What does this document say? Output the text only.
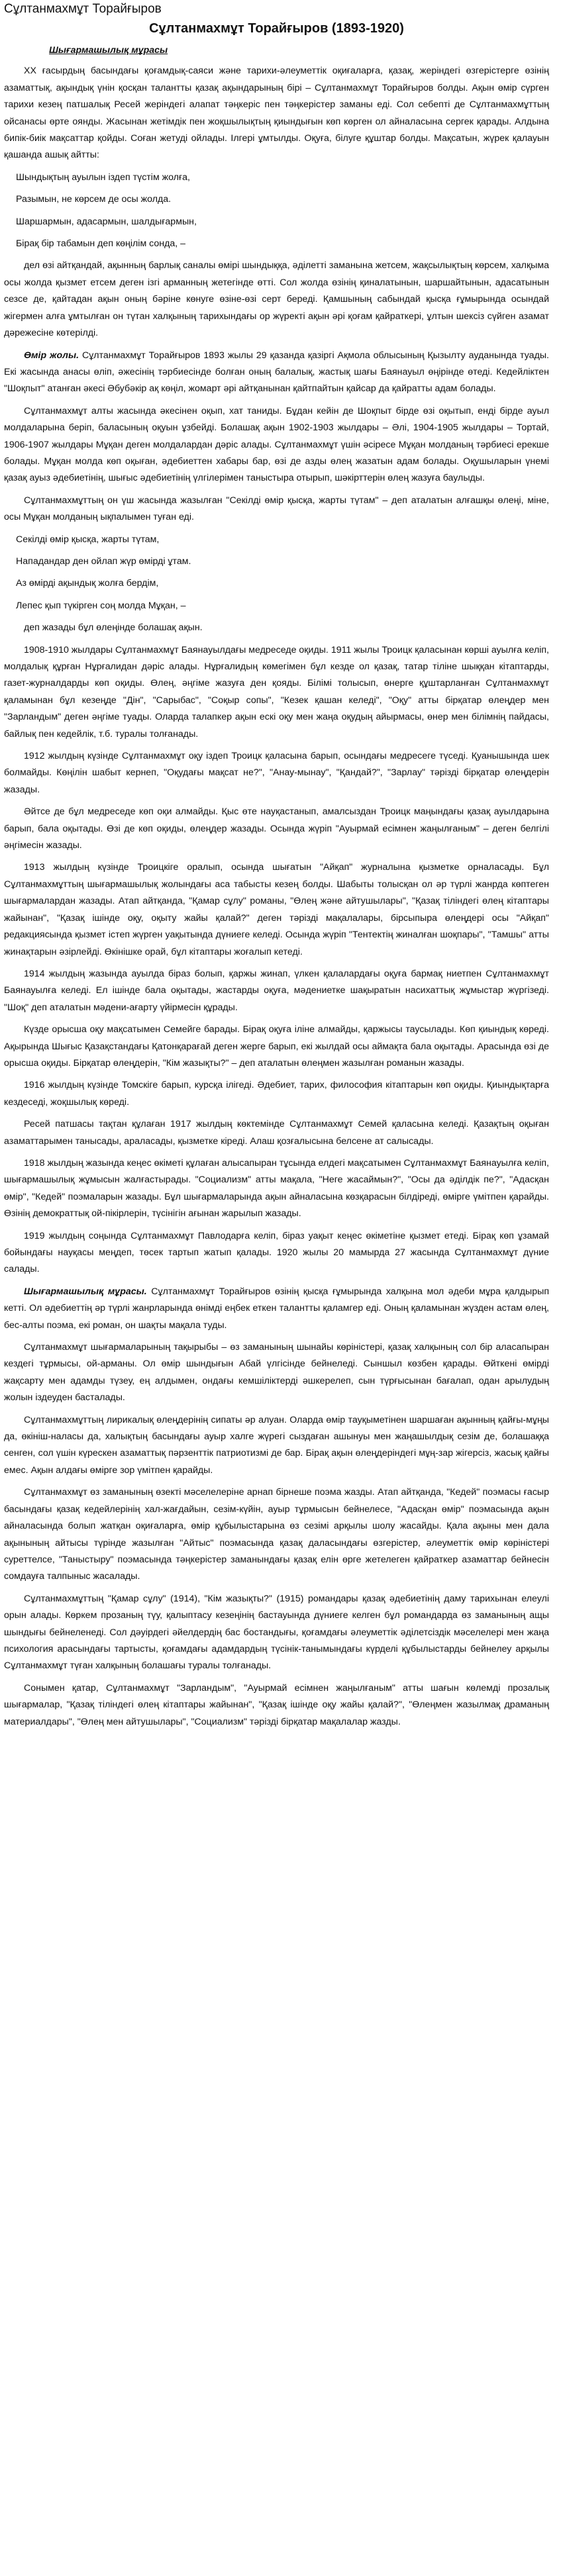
Сұлтанмахмұт Торайғыров
Сұлтанмахмұт Торайғыров (1893-1920)
Шығармашылық мұрасы

XX ғасырдың басындағы қоғамдық-саяси және тарихи-әлеуметтік оқиғаларға, қазақ, жеріндегі өзгерістерге өзінің азаматтық, ақындық үнін қосқан талантты қазақ ақындарының бірі – Сұлтанмахмұт Торайғыров болды. Ақын өмір сүрген тарихи кезең патшалық Ресей жеріндегі алапат тәңкеріс пен тәңкерістер заманы еді. Сол себепті де Сұлтанмахмұттың ойсанасы өрте оянды. Жасынан жетімдік пен жоқшылықтың қиындығын көп көрген ол айналасына сергек қарады. Алдына бипік-биік мақсаттар қойды. Соған жетуді ойлады. Ілгері ұмтылды. Оқуға, білуге құштар болды. Мақсатын, жүрек қалауын қашанда ашық айтты:

Шындықтың ауылын іздеп түстім жолға,
Разымын, не көрсем де осы жолда.
Шаршармын, адасармын, шалдығармын,
Бірақ бір табамын деп көңілім сонда, –

дел өзі айтқандай, ақынның барлық саналы өмірі шындыққа, әділетті заманына жетсем, жақсылықтың көрсем, халқыма осы жолда қызмет етсем деген ізгі арманның жетегінде өтті. Сол жолда өзінің қиналатынын, шаршайтынын, адасатынын сезсе де, қайтадан ақын оның бәріне көнуге өзіне-өзі серт береді. Қамшының сабындай қысқа ғұмырында осындай жігермен алға ұмтылған он түтан халқының тарихындағы ор жүректі ақын әрі қоғам қайраткері, ұлтын шексіз сүйген азамат дәрежесіне көтерілді.

Өмір жолы. Сұлтанмахмұт Торайғыров 1893 жылы 29 қазанда қазіргі Ақмола облысының Қызылту ауданында туады. Екі жасында анасы өліп, әжесінің тәрбиесінде болған оның балалық, жастық шағы Баянауыл өңірінде өтеді. Кедейліктен "Шоқпыт" атанған әкесі Әбубәкір ақ көңіл, жомарт әрі айтқанынан қайтпайтын қайсар да қайратты адам болады.

Сұлтанмахмұт алты жасында әкесінен оқып, хат таниды. Бұдан кейін де Шоқпыт бірде өзі оқытып, енді бірде ауыл молдаларына беріп, баласының оқуын ұзбейді. Болашақ ақын 1902-1903 жылдары – Әлі, 1904-1905 жылдары – Тортай, 1906-1907 жылдары Мұқан деген молдалардан дәріс алады. Сұлтанмахмұт үшін әсіресе Мұқан молданың тәрбиесі ерекше болады. Мұқан молда көп оқыған, әдебиеттен хабары бар, өзі де азды өлең жазатын адам болады. Оқушыларын үнемі қазақ ауыз әдебиетінің, шығыс әдебиетінің үлгілерімен таныстыра отырып, шәкірттерін өлең жазуға баулыды.

Сұлтанмахмұттың он үш жасында жазылған "Секілді өмір қысқа, жарты түтам" – деп аталатын алғашқы өлеңі, міне, осы Мұқан молданың ықпалымен туған еді.

Секілді өмір қысқа, жарты түтам,
Нападандар ден ойлап жүр өмірді ұтам.
Аз өмірді ақындық жолға бердім,
Лепес қып түкірген соң молда Мұқан, –

деп жазады бұл өлеңінде болашақ ақын.

1908-1910 жылдары Сұлтанмахмұт Баянауылдағы медреседе оқиды. 1911 жылы Троицк қаласынан көрші ауылға келіп, молдалық құрған Нұрғалидан дәріс алады. Нұрғалидың көмегімен бұл кезде ол қазақ, татар тіліне шыққан кітаптарды, газет-журналдарды көп оқиды. Өлең, әңгіме жазуға ден қояды. Білімі толысып, өнерге құштарланған Сұлтанмахмұт қаламынан бұл кезеңде "Дін", "Сарыбас", "Соқыр сопы", "Кезек қашан келеді", "Оқу" атты бірқатар өлеңдер мен "Зарландым" деген әңгіме туады. Оларда талапкер ақын ескі оқу мен жаңа оқудың айырмасы, өнер мен білімнің пайдасы, байлық пен кедейлік, т.б. туралы толғанады.

1912 жылдың күзінде Сұлтанмахмұт оқу іздеп Троицк қаласына барып, осындағы медресеге түседі. Қуанышында шек болмайды. Көңілін шабыт кернеп, "Оқудағы мақсат не?", "Анау-мынау", "Қандай?", "Зарлау" тәрізді бірқатар өлеңдерін жазады.

Әйтсе де бұл медреседе көп оқи алмайды. Қыс өте науқастанып, амалсыздан Троицк маңындағы қазақ ауылдарына барып, бала оқытады. Өзі де көп оқиды, өлеңдер жазады. Осында жүріп "Ауырмай есімнен жаңылғаным" – деген белгілі әңгімесін жазады.

1913 жылдың күзінде Троицкіге оралып, осында шығатын "Айқап" журналына қызметке орналасады. Бұл Сұлтанмахмұттың шығармашылық жолындағы аса табысты кезең болды. Шабыты толысқан ол әр түрлі жанрда көптеген шығармалардан жазады. Атап айтқанда, "Қамар сұлу" романы, "Өлең және айтушылары", "Қазақ тіліндегі өлең кітаптары жайынан", "Қазақ ішінде оқу, оқыту жайы қалай?" деген тәрізді мақалалары, бірсыпыра өлеңдері осы "Айқап" редакциясында қызмет істеп жүрген уақытында дүниеге келеді. Осында жүріп "Тентектің жиналған шоқпары", "Тамшы" атты жинақтарын әзірлейді. Өкінішке орай, бұл кітаптары жоғалып кетеді.

1914 жылдың жазында ауылда біраз болып, қаржы жинап, үлкен қалалардағы оқуға бармақ ниетпен Сұлтанмахмұт Баянауылға келеді. Ел ішінде бала оқытады, жастарды оқуға, мәдениетке шақыратын насихаттық жұмыстар жүргізеді. "Шоқ" деп аталатын мәдени-ағарту үйірмесін құрады.

Күзде орысша оқу мақсатымен Семейге барады. Бірақ оқуға іліне алмайды, қаржысы таусылады. Көп қиындық көреді. Ақырында Шығыс Қазақстандағы Қатонқарағай деген жерге барып, екі жылдай осы аймақта бала оқытады. Арасында өзі де орысша оқиды. Бірқатар өлеңдерін, "Кім жазықты?" – деп аталатын өлеңмен жазылған романын жазады.

1916 жылдың күзінде Томскіге барып, курсқа ілігеді. Әдебиет, тарих, философия кітаптарын көп оқиды. Қиындықтарға кездеседі, жоқшылық көреді.

Ресей патшасы тақтан құлаған 1917 жылдың көктемінде Сұлтанмахмұт Семей қаласына келеді. Қазақтың оқыған азаматтарымен танысады, араласады, қызметке кіреді. Алаш қозғалысына белсене ат салысады.

1918 жылдың жазында кеңес өкіметі құлаған алысапыран тұсында елдегі мақсатымен Сұлтанмахмұт Баянауылға келіп, шығармашылық жұмысын жалғастырады. "Социализм" атты мақала, "Неге жасаймын?", "Осы да әділдік пе?", "Адасқан өмір", "Кедей" поэмаларын жазады. Бұл шығармаларында ақын айналасына көзқарасын білдіреді, өмірге үмітпен қарайды. Өзінің демократтық ой-пікірлерін, түсінігін ағынан жарылып жазады.

1919 жылдың соңында Сұлтанмахмұт Павлодарға келіп, біраз уақыт кеңес өкіметіне қызмет етеді. Бірақ көп ұзамай бойындағы науқасы меңдеп, төсек тартып жатып қалады. 1920 жылы 20 мамырда 27 жасында Сұлтанмахмұт дүние салады.

Шығармашылық мұрасы. Сұлтанмахмұт Торайғыров өзінің қысқа ғұмырында халқына мол әдеби мұра қалдырып кетті. Ол әдебиеттің әр түрлі жанрларында өнімді еңбек еткен талантты қаламгер еді. Оның қаламынан жүзден астам өлең, бес-алты поэма, екі роман, он шақты мақала туды.

Сұлтанмахмұт шығармаларының тақырыбы – өз заманының шынайы көріністері, қазақ халқының сол бір аласапыран кездегі тұрмысы, ой-арманы. Ол өмір шындығын Абай үлгісінде бейнеледі. Сыншыл көзбен қарады. Өйткені өмірді жақсарту мен адамды түзеу, ең алдымен, ондағы кемшіліктерді әшкерелеп, сын түрғысынан бағалап, одан арылудың жолын іздеуден басталады.

Сұлтанмахмұттың лирикалық өлеңдерінің сипаты әр алуан. Оларда өмір тауқыметінен шаршаған ақынның қайғы-мұңы да, өкініш-наласы да, халықтың басындағы ауыр халге жүрегі сыздаған ашынуы мен жаңашылдық сезім де, болашаққа сенген, сол үшін күрескен азаматтық пәрзенттік патриотизмі де бар. Бірақ ақын өлеңдеріндегі мұң-зар жігерсіз, жасық қайғы емес. Ақын алдағы өмірге зор үмітпен қарайды.

Сұлтанмахмұт өз заманының өзекті мәселелеріне арнап бірнеше поэма жазды. Атап айтқанда, "Кедей" поэмасы ғасыр басындағы қазақ кедейлерінің хал-жағдайын, сезім-күйін, ауыр тұрмысын бейнелесе, "Адасқан өмір" поэмасында ақын айналасында болып жатқан оқиғаларға, өмір құбылыстарына өз сезімі арқылы шолу жасайды. Қала ақыны мен дала ақынының айтысы түрінде жазылған "Айтыс" поэмасында қазақ даласындағы өзгерістер, әлеуметтік өмір көріністері суреттелсе, "Таныстыру" поэмасында тәңкерістер заманындағы қазақ елін өрге жетелеген қайраткер азаматтар бейнесін сомдауға талпыныс жасалады.

Сұлтанмахмұттың "Қамар сұлу" (1914), "Кім жазықты?" (1915) романдары қазақ әдебиетінің даму тарихынан елеулі орын алады. Көркем прозаның түу, қалыптасу кезеңінің бастауында дүниеге келген бұл романдарда өз заманының ащы шындығы бейнеленеді. Сол дәуірдегі әйелдердің бас бостандығы, қоғамдағы әлеуметтік әділетсіздік мәселелері мен жаңа психология арасындағы тартысты, қоғамдағы адамдардың түсінік-танымындағы күрделі құбылыстарды бейнелеу арқылы Сұлтанмахмұт түған халқының болашағы туралы толғанады.

Сонымен қатар, Сұлтанмахмұт "Зарландым", "Ауырмай есімнен жаңылғаным" атты шағын көлемді прозалық шығармалар, "Қазақ тіліндегі өлең кітаптары жайынан", "Қазақ ішінде оқу жайы қалай?", "Өлеңмен жазылмақ драманың материалдары", "Өлең мен айтушылары", "Социализм" тәрізді бірқатар мақалалар жазды.
